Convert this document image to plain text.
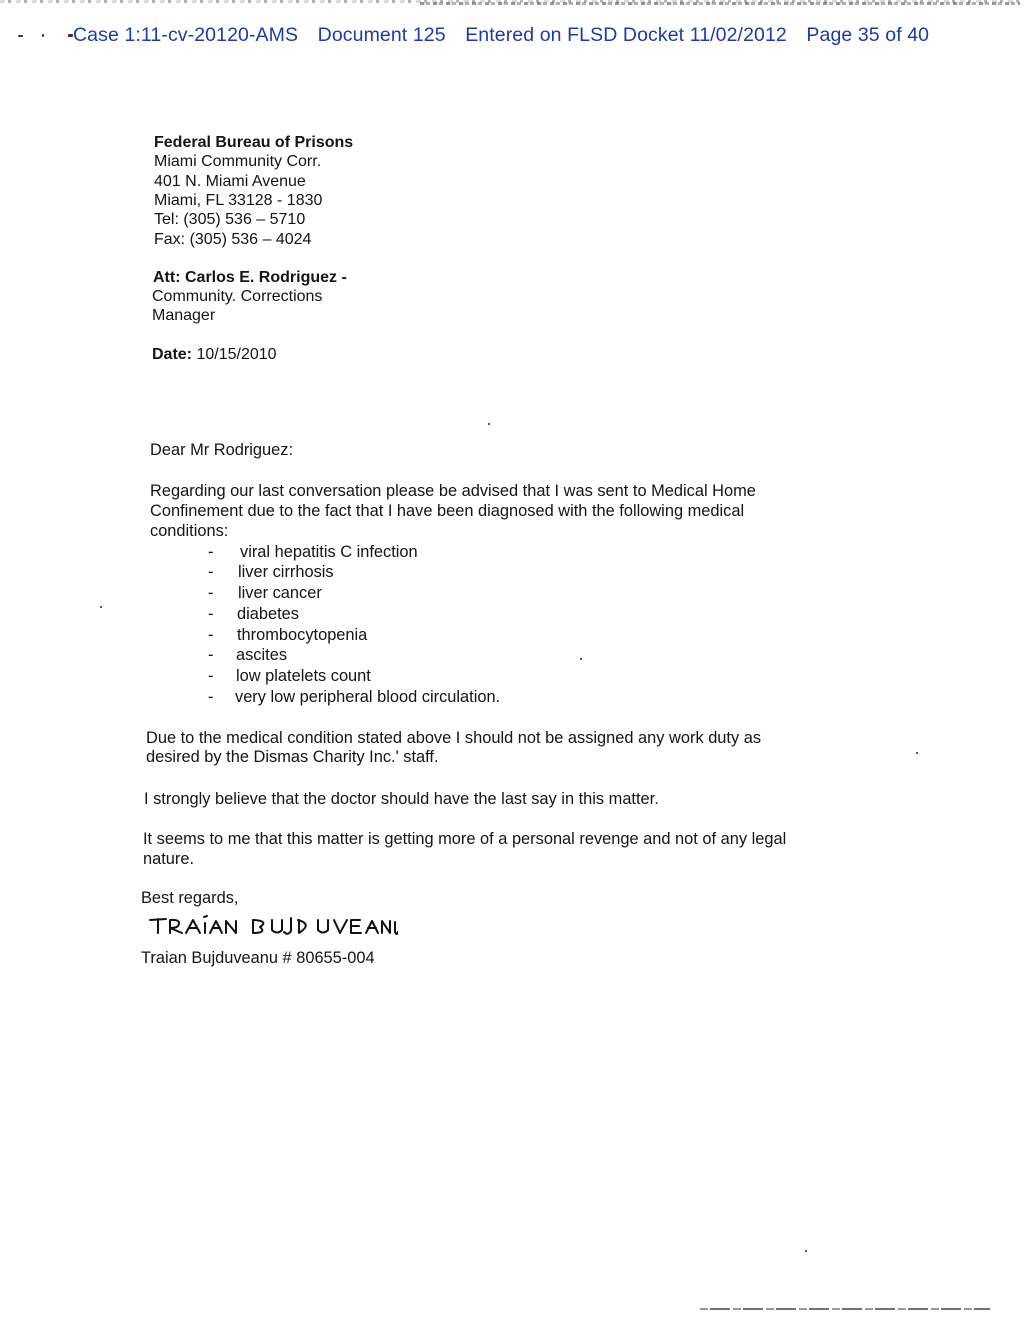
Case 1:11-cv-20120-AMS Document 125 Entered on FLSD Docket 11/02/2012 Page 35 of 40
Federal Bureau of Prisons
Miami Community Corr.
401 N. Miami Avenue
Miami, FL 33128 - 1830
Tel: (305) 536 – 5710
Fax: (305) 536 – 4024
Att: Carlos E. Rodriguez -
Community. Corrections
Manager
Date: 10/15/2010
Dear Mr Rodriguez:
Regarding our last conversation please be advised that I was sent to Medical Home
Confinement due to the fact that I have been diagnosed with the following medical
conditions:
- viral hepatitis C infection
- liver cirrhosis
- liver cancer
- diabetes
- thrombocytopenia
- ascites
- low platelets count
- very low peripheral blood circulation.
Due to the medical condition stated above I should not be assigned any work duty as
desired by the Dismas Charity Inc.' staff.
I strongly believe that the doctor should have the last say in this matter.
It seems to me that this matter is getting more of a personal revenge and not of any legal
nature.
Best regards,
Traian Bujduveanu # 80655-004
